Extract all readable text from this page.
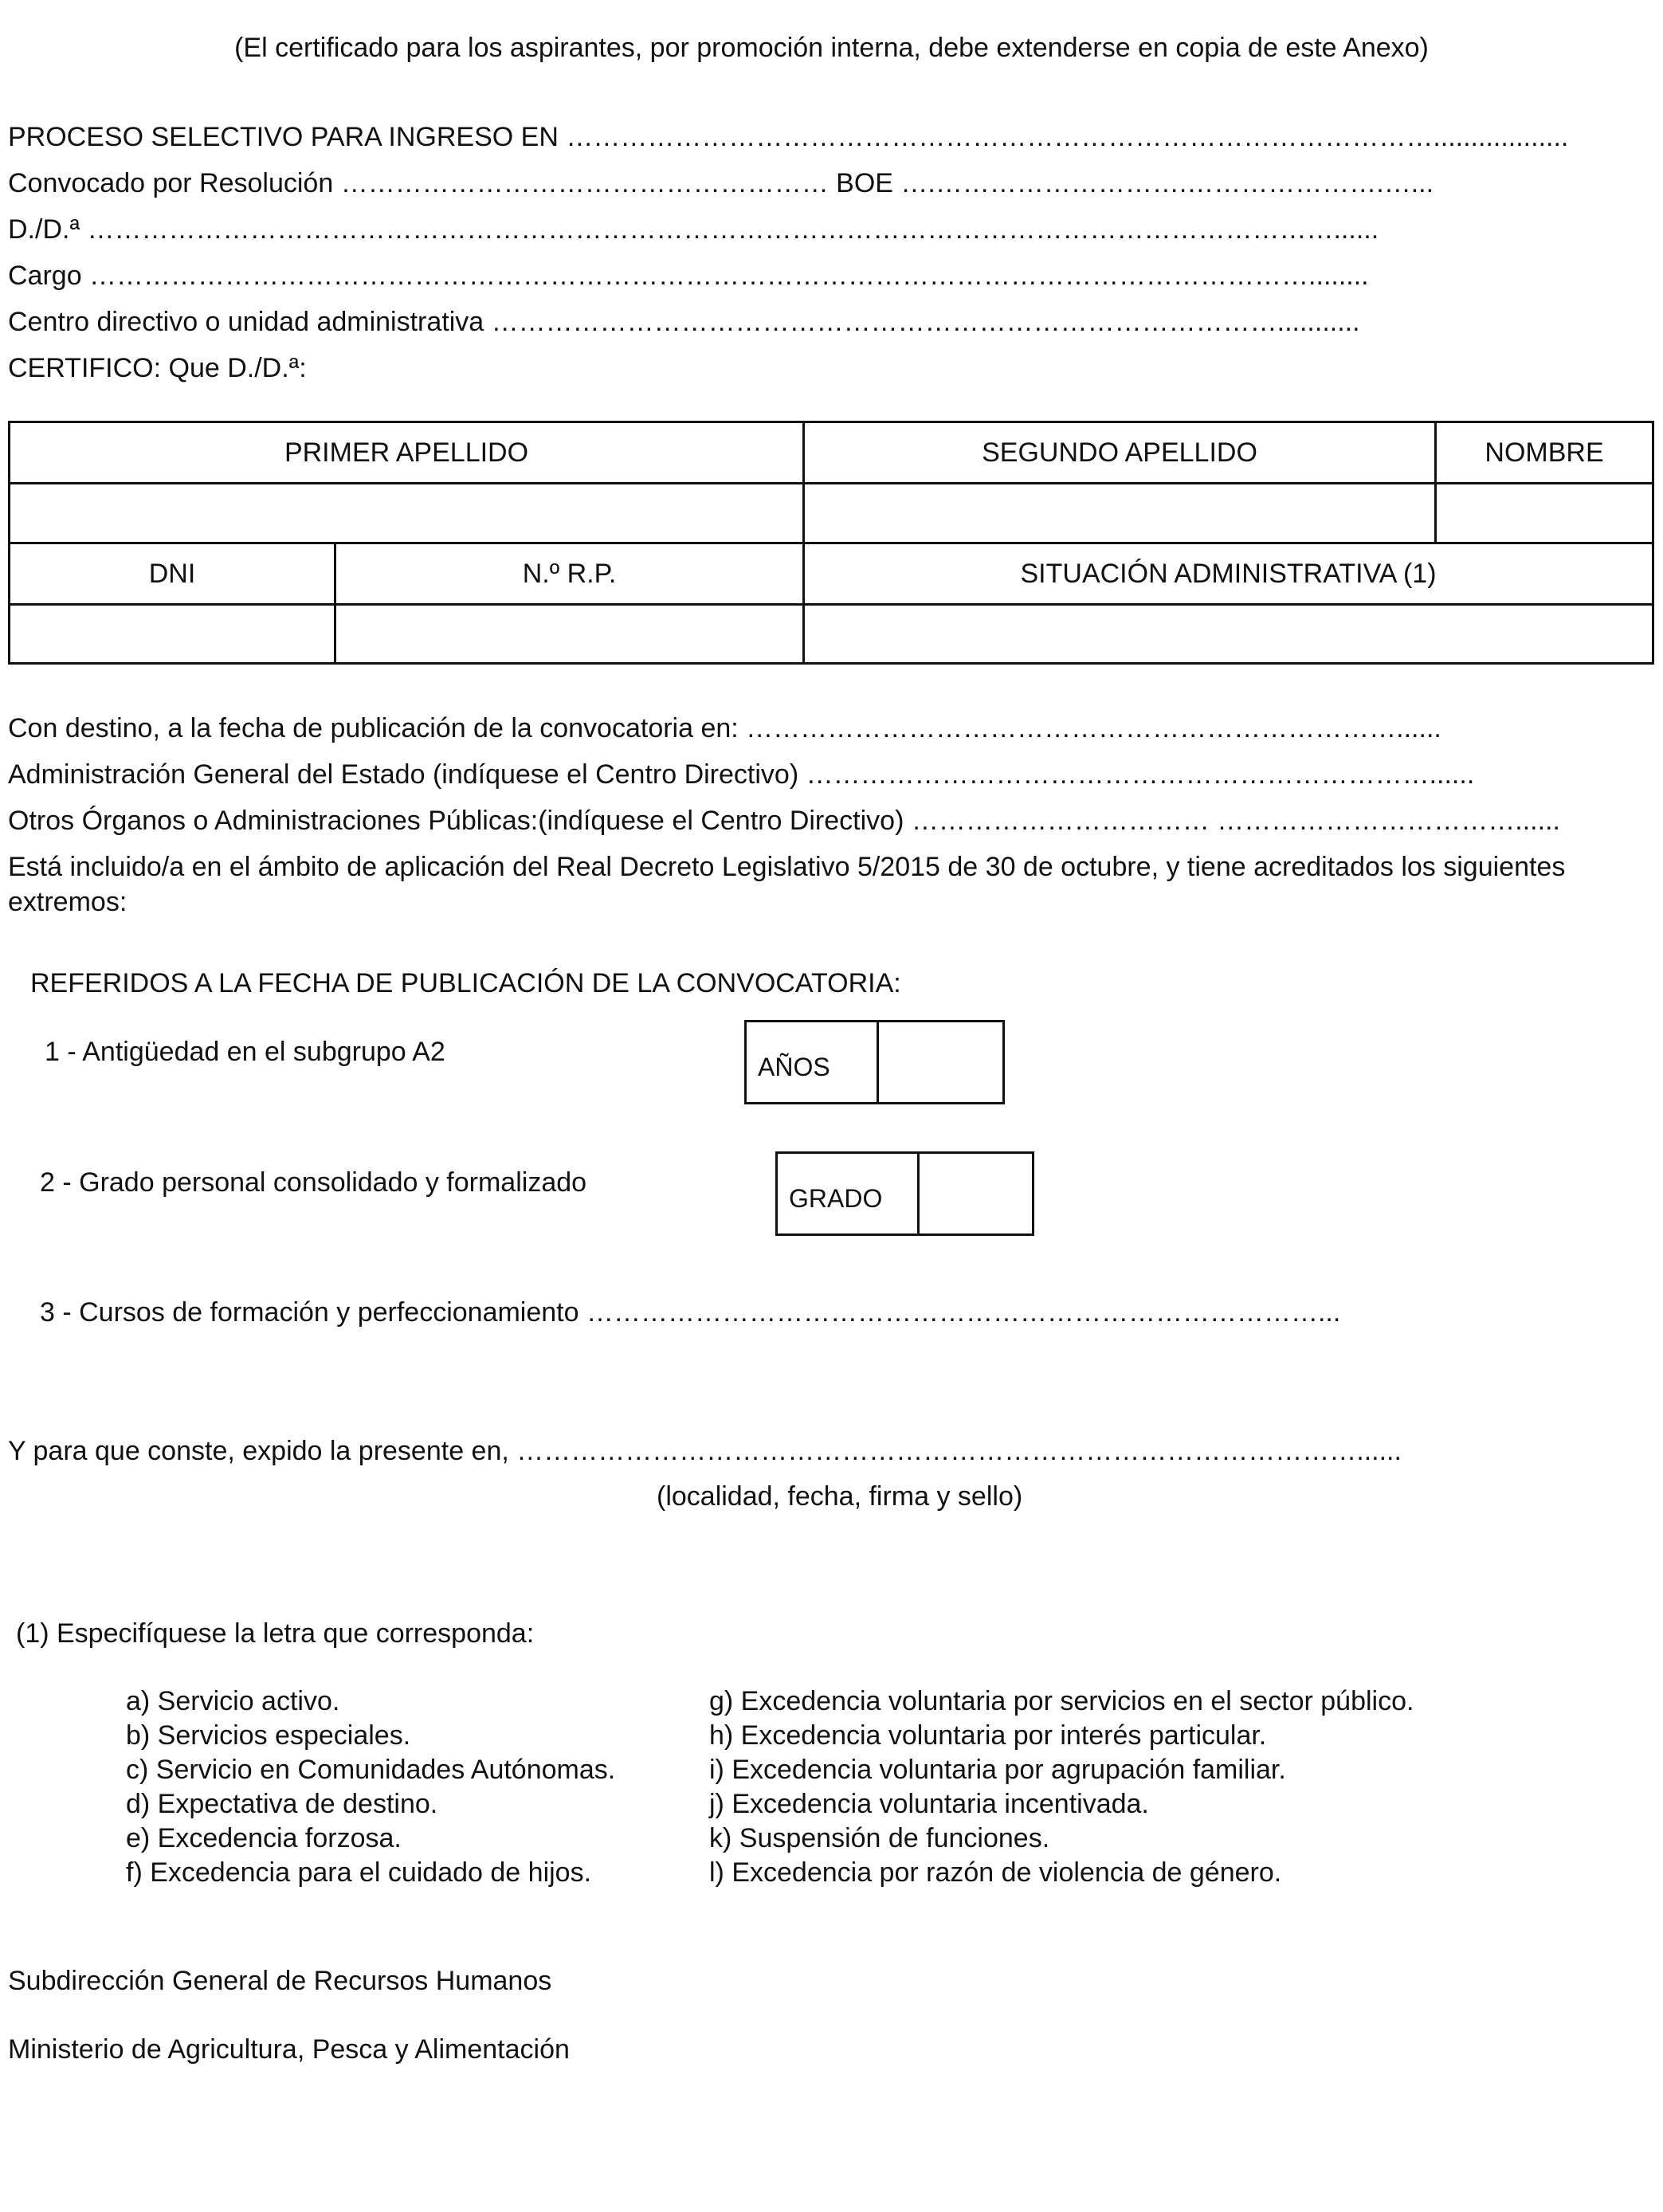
(El certificado para los aspirantes, por promoción interna, debe extenderse en copia de este Anexo)
PROCESO SELECTIVO PARA INGRESO EN ……………………………………………………………………………………..................
Convocado por Resolución ……………………………………………… BOE ….……………………….………………….…...
D./D.ª …………………………………………………………………………………………………………………………......
Cargo ………………………………………………………………………………………………………………………........
Centro directivo o unidad administrativa ……………………………………………………………………………...........
CERTIFICO: Que D./D.ª:
PRIMER APELLIDO		SEGUNDO APELLIDO	NOMBRE

DNI	N.º R.P.	SITUACIÓN ADMINISTRATIVA (1)	

Con destino, a la fecha de publicación de la convocatoria en: ………………………………………………………………......
Administración General del Estado (indíquese el Centro Directivo) ……………………………………………………………......
Otros Órganos o Administraciones Públicas:(indíquese el Centro Directivo) …………………………… ……………………………......
Está incluido/a en el ámbito de aplicación del Real Decreto Legislativo 5/2015 de 30 de octubre, y tiene acreditados los siguientes
extremos:
REFERIDOS A LA FECHA DE PUBLICACIÓN DE LA CONVOCATORIA:
1 - Antigüedad en el subgrupo A2	AÑOS
2 - Grado personal consolidado y formalizado
GRADO
3 - Cursos de formación y perfeccionamiento ………………………………………………………………………...
Y para que conste, expido la presente en, …………………………………………………………………………………......
(localidad, fecha, firma y sello)
(1) Especifíquese la letra que corresponda:
a) Servicio activo.
b) Servicios especiales.
c) Servicio en Comunidades Autónomas.
d) Expectativa de destino.
e) Excedencia forzosa.
f) Excedencia para el cuidado de hijos.
g) Excedencia voluntaria por servicios en el sector público.
h) Excedencia voluntaria por interés particular.
i) Excedencia voluntaria por agrupación familiar.
j) Excedencia voluntaria incentivada.
k) Suspensión de funciones.
l) Excedencia por razón de violencia de género.
Subdirección General de Recursos Humanos
Ministerio de Agricultura, Pesca y Alimentación
